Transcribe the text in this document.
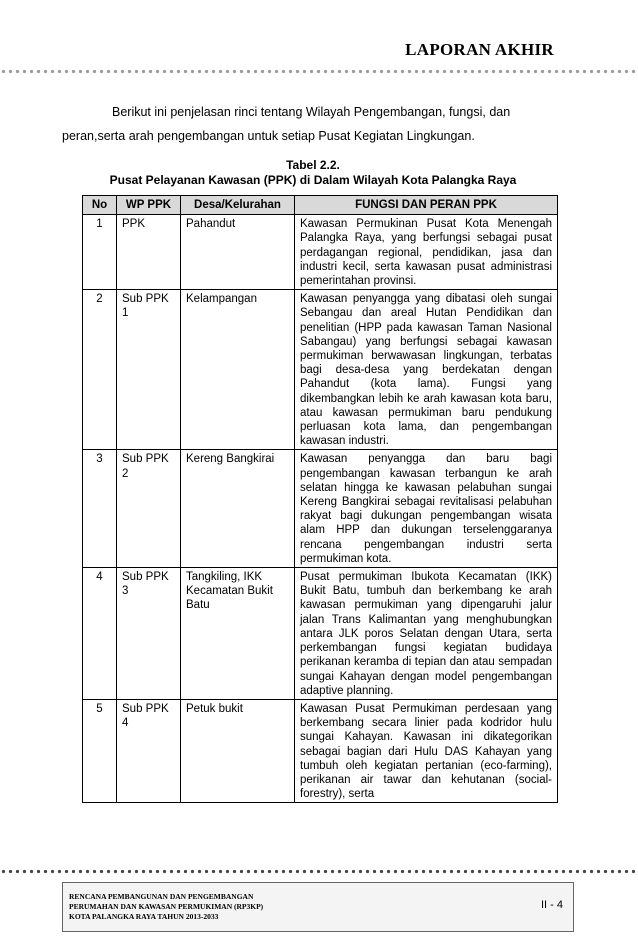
LAPORAN AKHIR
Berikut ini penjelasan rinci tentang Wilayah Pengembangan, fungsi, dan
peran,serta arah pengembangan untuk setiap Pusat Kegiatan Lingkungan.
Tabel 2.2.
Pusat Pelayanan Kawasan (PPK) di Dalam Wilayah Kota Palangka Raya
No	WP PPK	Desa/Kelurahan	FUNGSI DAN PERAN PPK
1	PPK	Pahandut	Kawasan Permukinan Pusat Kota Menengah Palangka Raya, yang berfungsi sebagai pusat perdagangan regional, pendidikan, jasa dan industri kecil, serta kawasan pusat administrasi pemerintahan provinsi.
2	Sub PPK 1	Kelampangan	Kawasan penyangga yang dibatasi oleh sungai Sebangau dan areal Hutan Pendidikan dan penelitian (HPP pada kawasan Taman Nasional Sabangau) yang berfungsi sebagai kawasan permukiman berwawasan lingkungan, terbatas bagi desa-desa yang berdekatan dengan Pahandut (kota lama). Fungsi yang dikembangkan lebih ke arah kawasan kota baru, atau kawasan permukiman baru pendukung perluasan kota lama, dan pengembangan kawasan industri.
3	Sub PPK 2	Kereng Bangkirai	Kawasan penyangga dan baru bagi pengembangan kawasan terbangun ke arah selatan hingga ke kawasan pelabuhan sungai Kereng Bangkirai sebagai revitalisasi pelabuhan rakyat bagi dukungan pengembangan wisata alam HPP dan dukungan terselenggaranya rencana pengembangan industri serta permukiman kota.
4	Sub PPK 3	Tangkiling, IKK Kecamatan Bukit Batu	Pusat permukiman Ibukota Kecamatan (IKK) Bukit Batu, tumbuh dan berkembang ke arah kawasan permukiman yang dipengaruhi jalur jalan Trans Kalimantan yang menghubungkan antara JLK poros Selatan dengan Utara, serta perkembangan fungsi kegiatan budidaya perikanan keramba di tepian dan atau sempadan sungai Kahayan dengan model pengembangan adaptive planning.
5	Sub PPK 4	Petuk bukit	Kawasan Pusat Permukiman perdesaan yang berkembang secara linier pada kodridor hulu sungai Kahayan. Kawasan ini dikategorikan sebagai bagian dari Hulu DAS Kahayan yang tumbuh oleh kegiatan pertanian (eco-farming), perikanan air tawar dan kehutanan (social-forestry), serta
RENCANA PEMBANGUNAN DAN PENGEMBANGAN
PERUMAHAN DAN KAWASAN PERMUKIMAN (RP3KP)
KOTA PALANGKA RAYA TAHUN 2013-2033
II - 4
